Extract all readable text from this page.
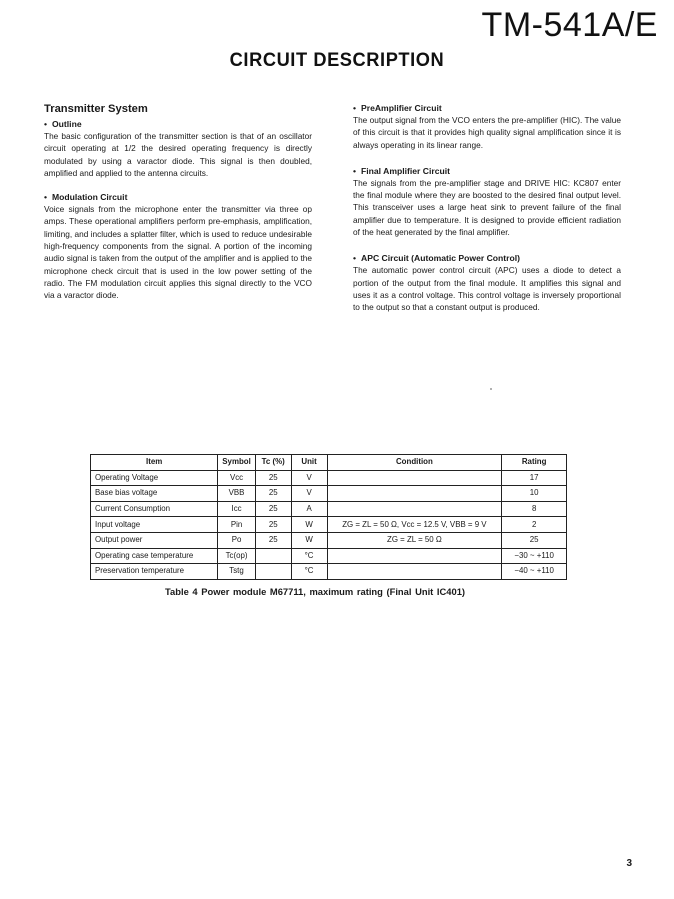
TM-541A/E
CIRCUIT DESCRIPTION
Transmitter System
• Outline

The basic configuration of the transmitter section is that of an oscillator circuit operating at 1/2 the desired operating frequency is directly modulated by using a varactor diode. This signal is then doubled, amplified and applied to the antenna circuits.

• Modulation Circuit

Voice signals from the microphone enter the transmitter via three op amps. These operational amplifiers perform pre-emphasis, amplification, limiting, and includes a splatter filter, which is used to reduce undesirable high-frequency components from the signal. A portion of the incoming audio signal is taken from the output of the amplifier and is applied to the microphone check circuit that is used in the low power setting of the radio. The FM modulation circuit applies this signal directly to the VCO via a varactor diode.

• PreAmplifier Circuit

The output signal from the VCO enters the pre-amplifier (HIC). The value of this circuit is that it provides high quality signal amplification since it is always operating in its linear range.

• Final Amplifier Circuit

The signals from the pre-amplifier stage and DRIVE HIC: KC807 enter the final module where they are boosted to the desired final output level. This transceiver uses a large heat sink to prevent failure of the final amplifier due to temperature. It is designed to provide efficient radiation of the heat generated by the final amplifier.

• APC Circuit (Automatic Power Control)

The automatic power control circuit (APC) uses a diode to detect a portion of the output from the final module. It amplifies this signal and uses it as a control voltage. This control voltage is inversely proportional to the output so that a constant output is produced.

Item	Symbol	Tc (%)	Unit	Condition	Rating
Operating Voltage	Vcc	25	V		17
Base bias voltage	VBB	25	V		10
Current Consumption	Icc	25	A		8
Input voltage	Pin	25	W	ZG = ZL = 50 Ω, Vcc = 12.5 V, VBB = 9 V	2
Output power	Po	25	W	ZG = ZL = 50 Ω	25
Operating case temperature	Tc(op)		°C		−30 ~ +110
Preservation temperature	Tstg		°C		−40 ~ +110
Table 4 Power module M67711, maximum rating (Final Unit IC401)
3
